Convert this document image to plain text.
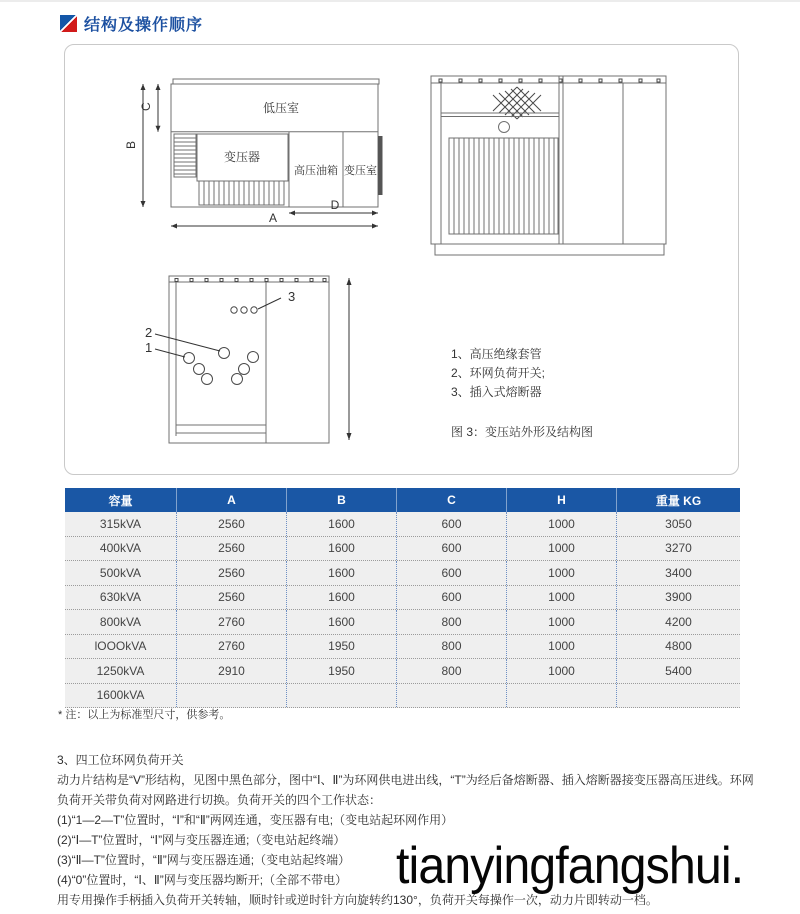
结构及操作顺序
低压室
变压器
高压油箱 变压室
C
B
D
A
3
2
1	1、高压绝缘套管
2、环网负荷开关;
3、插入式熔断器
图 3：变压站外形及结构图
容量	A	B	C	H	重量 KG
315kVA	2560	1600	600	1000	3050
400kVA	2560	1600	600	1000	3270
500kVA	2560	1600	600	1000	3400
630kVA	2560	1600	600	1000	3900
800kVA	2760	1600	800	1000	4200
lOOOkVA	2760	1950	800	1000	4800
1250kVA	2910	1950	800	1000	5400
1600kVA
* 注：以上为标准型尺寸，供参考。
3、四工位环网负荷开关
动力片结构是“V”形结构，见图中黑色部分，图中“Ⅰ、Ⅱ”为环网供电进出线，“T”为经后备熔断器、插入熔断器接变压器高压进线。环网负荷开关带负荷对网路进行切换。负荷开关的四个工作状态：
(1)“1—2—T”位置时，“Ⅰ”和“Ⅱ”两网连通，变压器有电;（变电站起环网作用）
(2)“Ⅰ—T”位置时，“Ⅰ”网与变压器连通;（变电站起终端）
(3)“Ⅱ—T”位置时，“Ⅱ”网与变压器连通;（变电站起终端）
(4)“0”位置时，“Ⅰ、Ⅱ”网与变压器均断开;（全部不带电）
用专用操作手柄插入负荷开关转轴，顺时针或逆时针方向旋转约130°，负荷开关每操作一次，动力片即转动一档。
tianyingfangshui.
